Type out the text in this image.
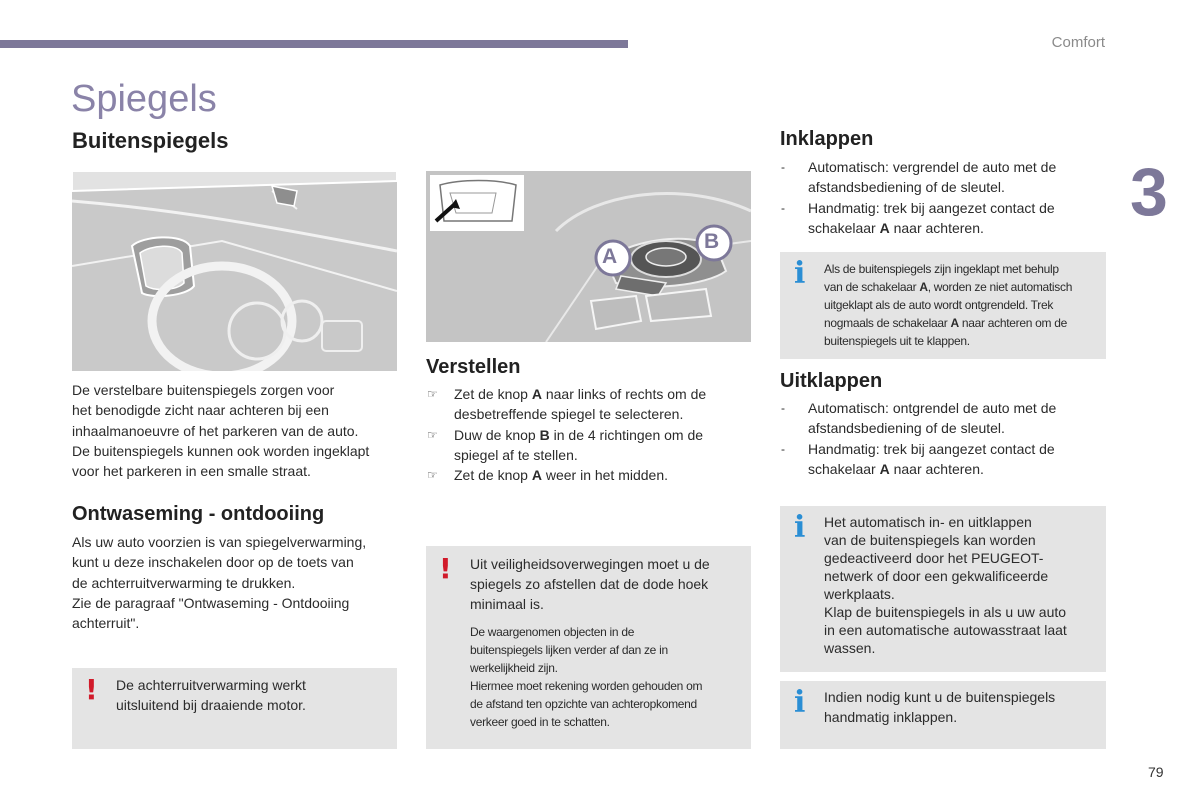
Comfort
3
Spiegels
Buitenspiegels
De verstelbare buitenspiegels zorgen voor
het benodigde zicht naar achteren bij een
inhaalmanoeuvre of het parkeren van de auto.
De buitenspiegels kunnen ook worden ingeklapt
voor het parkeren in een smalle straat.
Ontwaseming - ontdooiing
Als uw auto voorzien is van spiegelverwarming,
kunt u deze inschakelen door op de toets van
de achterruitverwarming te drukken.
Zie de paragraaf "Ontwaseming - Ontdooiing
achterruit".
! De achterruitverwarming werkt
uitsluitend bij draaiende motor.
A
B
Verstellen
☞ Zet de knop A naar links of rechts om de
desbetreffende spiegel te selecteren.
☞ Duw de knop B in de 4 richtingen om de
spiegel af te stellen.
☞ Zet de knop A weer in het midden.
! Uit veiligheidsoverwegingen moet u de
spiegels zo afstellen dat de dode hoek
minimaal is.
De waargenomen objecten in de
buitenspiegels lijken verder af dan ze in
werkelijkheid zijn.
Hiermee moet rekening worden gehouden om
de afstand ten opzichte van achteropkomend
verkeer goed in te schatten.
Inklappen
- Automatisch: vergrendel de auto met de
afstandsbediening of de sleutel.
- Handmatig: trek bij aangezet contact de
schakelaar A naar achteren.
i Als de buitenspiegels zijn ingeklapt met behulp
van de schakelaar A, worden ze niet automatisch
uitgeklapt als de auto wordt ontgrendeld. Trek
nogmaals de schakelaar A naar achteren om de
buitenspiegels uit te klappen.
Uitklappen
- Automatisch: ontgrendel de auto met de
afstandsbediening of de sleutel.
- Handmatig: trek bij aangezet contact de
schakelaar A naar achteren.
i Het automatisch in- en uitklappen
van de buitenspiegels kan worden
gedeactiveerd door het PEUGEOT-
netwerk of door een gekwalificeerde
werkplaats.
Klap de buitenspiegels in als u uw auto
in een automatische autowasstraat laat
wassen.
i Indien nodig kunt u de buitenspiegels
handmatig inklappen.
79
